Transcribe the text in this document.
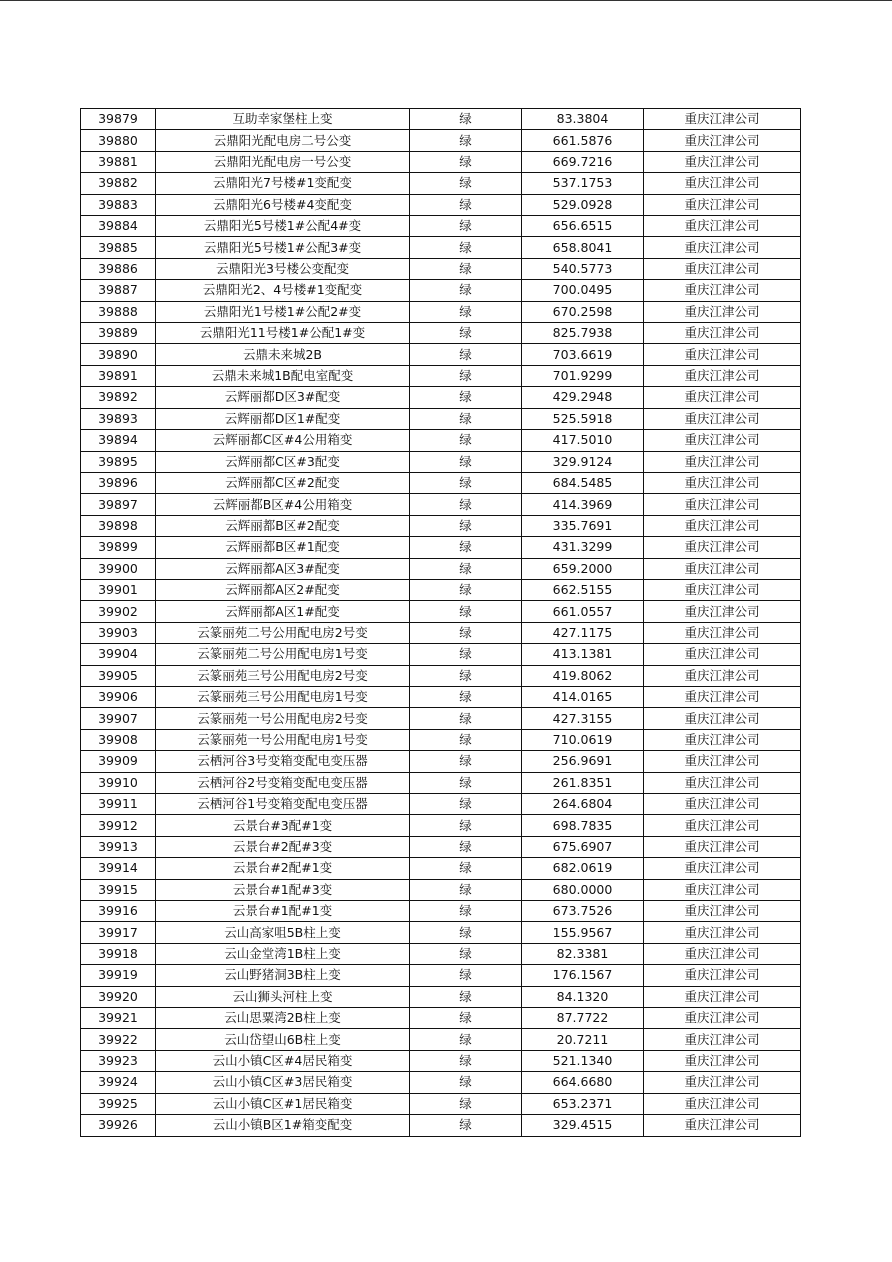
39879	互助幸家堡柱上变	绿	83.3804	重庆江津公司
39880	云鼎阳光配电房二号公变	绿	661.5876	重庆江津公司
39881	云鼎阳光配电房一号公变	绿	669.7216	重庆江津公司
39882	云鼎阳光7号楼#1变配变	绿	537.1753	重庆江津公司
39883	云鼎阳光6号楼#4变配变	绿	529.0928	重庆江津公司
39884	云鼎阳光5号楼1#公配4#变	绿	656.6515	重庆江津公司
39885	云鼎阳光5号楼1#公配3#变	绿	658.8041	重庆江津公司
39886	云鼎阳光3号楼公变配变	绿	540.5773	重庆江津公司
39887	云鼎阳光2、4号楼#1变配变	绿	700.0495	重庆江津公司
39888	云鼎阳光1号楼1#公配2#变	绿	670.2598	重庆江津公司
39889	云鼎阳光11号楼1#公配1#变	绿	825.7938	重庆江津公司
39890	云鼎未来城2B	绿	703.6619	重庆江津公司
39891	云鼎未来城1B配电室配变	绿	701.9299	重庆江津公司
39892	云辉丽都D区3#配变	绿	429.2948	重庆江津公司
39893	云辉丽都D区1#配变	绿	525.5918	重庆江津公司
39894	云辉丽都C区#4公用箱变	绿	417.5010	重庆江津公司
39895	云辉丽都C区#3配变	绿	329.9124	重庆江津公司
39896	云辉丽都C区#2配变	绿	684.5485	重庆江津公司
39897	云辉丽都B区#4公用箱变	绿	414.3969	重庆江津公司
39898	云辉丽都B区#2配变	绿	335.7691	重庆江津公司
39899	云辉丽都B区#1配变	绿	431.3299	重庆江津公司
39900	云辉丽都A区3#配变	绿	659.2000	重庆江津公司
39901	云辉丽都A区2#配变	绿	662.5155	重庆江津公司
39902	云辉丽都A区1#配变	绿	661.0557	重庆江津公司
39903	云篆丽苑二号公用配电房2号变	绿	427.1175	重庆江津公司
39904	云篆丽苑二号公用配电房1号变	绿	413.1381	重庆江津公司
39905	云篆丽苑三号公用配电房2号变	绿	419.8062	重庆江津公司
39906	云篆丽苑三号公用配电房1号变	绿	414.0165	重庆江津公司
39907	云篆丽苑一号公用配电房2号变	绿	427.3155	重庆江津公司
39908	云篆丽苑一号公用配电房1号变	绿	710.0619	重庆江津公司
39909	云栖河谷3号变箱变配电变压器	绿	256.9691	重庆江津公司
39910	云栖河谷2号变箱变配电变压器	绿	261.8351	重庆江津公司
39911	云栖河谷1号变箱变配电变压器	绿	264.6804	重庆江津公司
39912	云景台#3配#1变	绿	698.7835	重庆江津公司
39913	云景台#2配#3变	绿	675.6907	重庆江津公司
39914	云景台#2配#1变	绿	682.0619	重庆江津公司
39915	云景台#1配#3变	绿	680.0000	重庆江津公司
39916	云景台#1配#1变	绿	673.7526	重庆江津公司
39917	云山高家咀5B柱上变	绿	155.9567	重庆江津公司
39918	云山金堂湾1B柱上变	绿	82.3381	重庆江津公司
39919	云山野猪洞3B柱上变	绿	176.1567	重庆江津公司
39920	云山狮头河柱上变	绿	84.1320	重庆江津公司
39921	云山思粟湾2B柱上变	绿	87.7722	重庆江津公司
39922	云山岱望山6B柱上变	绿	20.7211	重庆江津公司
39923	云山小镇C区#4居民箱变	绿	521.1340	重庆江津公司
39924	云山小镇C区#3居民箱变	绿	664.6680	重庆江津公司
39925	云山小镇C区#1居民箱变	绿	653.2371	重庆江津公司
39926	云山小镇B区1#箱变配变	绿	329.4515	重庆江津公司
